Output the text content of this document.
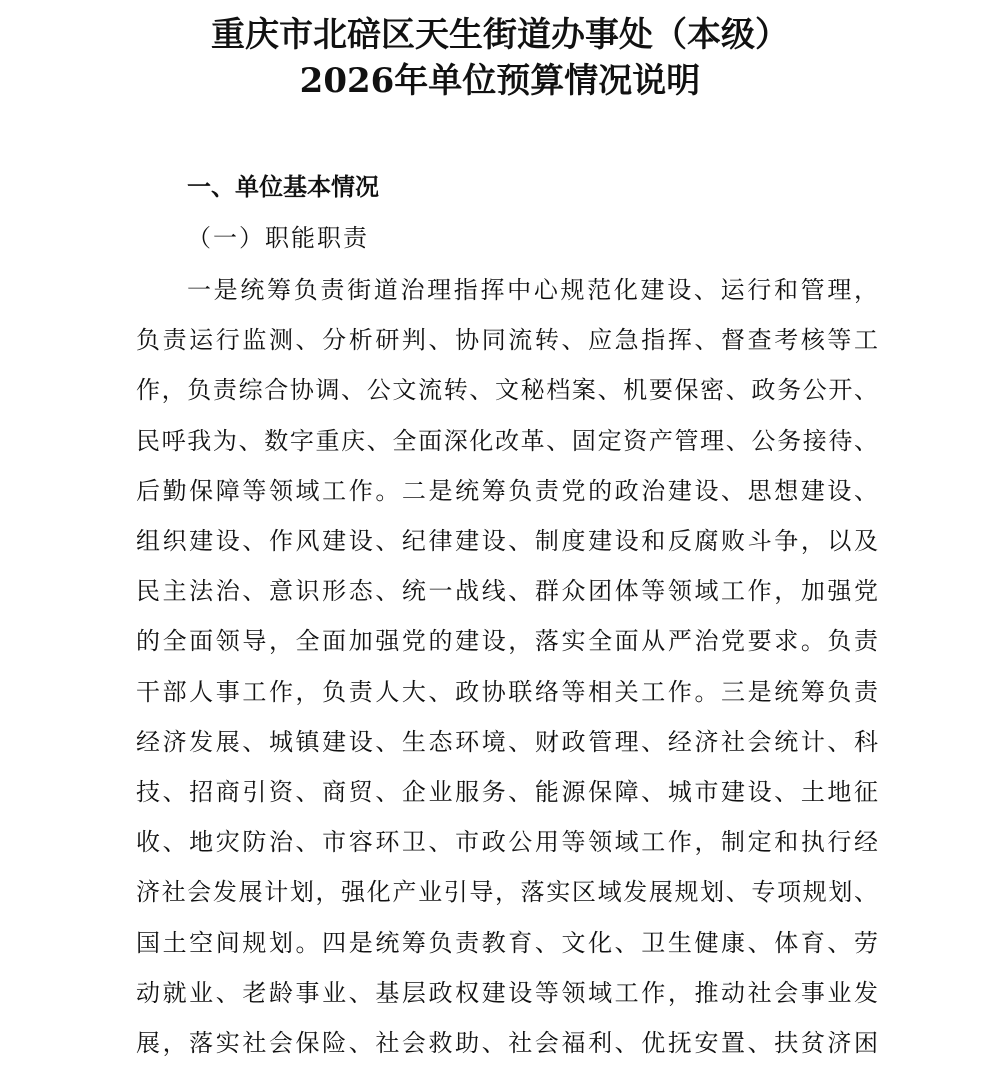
重庆市北碚区天生街道办事处（本级）
2026年单位预算情况说明
一、单位基本情况
（一）职能职责
一是统筹负责街道治理指挥中心规范化建设、运行和管理，
负责运行监测、分析研判、协同流转、应急指挥、督查考核等工
作，负责综合协调、公文流转、文秘档案、机要保密、政务公开、
民呼我为、数字重庆、全面深化改革、固定资产管理、公务接待、
后勤保障等领域工作。二是统筹负责党的政治建设、思想建设、
组织建设、作风建设、纪律建设、制度建设和反腐败斗争，以及
民主法治、意识形态、统一战线、群众团体等领域工作，加强党
的全面领导，全面加强党的建设，落实全面从严治党要求。负责
干部人事工作，负责人大、政协联络等相关工作。三是统筹负责
经济发展、城镇建设、生态环境、财政管理、经济社会统计、科
技、招商引资、商贸、企业服务、能源保障、城市建设、土地征
收、地灾防治、市容环卫、市政公用等领域工作，制定和执行经
济社会发展计划，强化产业引导，落实区域发展规划、专项规划、
国土空间规划。四是统筹负责教育、文化、卫生健康、体育、劳
动就业、老龄事业、基层政权建设等领域工作，推动社会事业发
展，落实社会保险、社会救助、社会福利、优抚安置、扶贫济困
